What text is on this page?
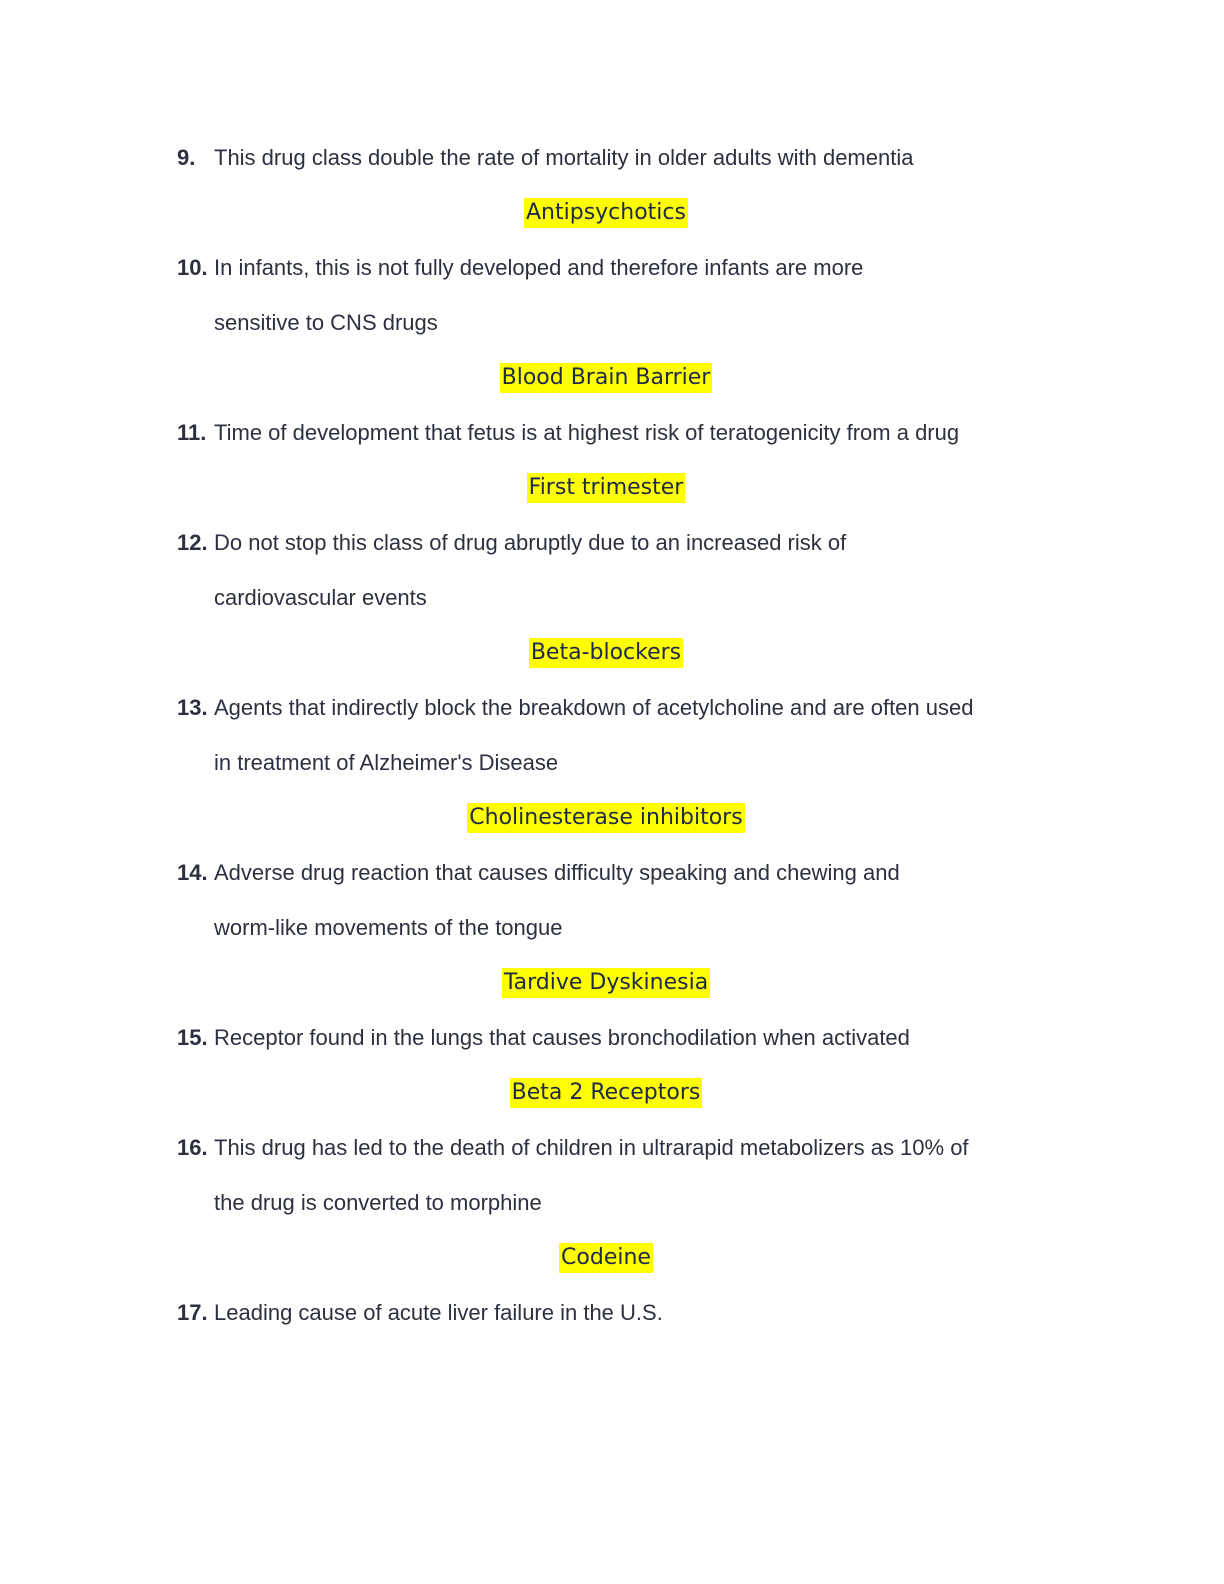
9. This drug class double the rate of mortality in older adults with dementia
Antipsychotics
10. In infants, this is not fully developed and therefore infants are more
sensitive to CNS drugs
Blood Brain Barrier
11. Time of development that fetus is at highest risk of teratogenicity from a drug
First trimester
12. Do not stop this class of drug abruptly due to an increased risk of
cardiovascular events
Beta-blockers
13. Agents that indirectly block the breakdown of acetylcholine and are often used
in treatment of Alzheimer's Disease
Cholinesterase inhibitors
14. Adverse drug reaction that causes difficulty speaking and chewing and
worm-like movements of the tongue
Tardive Dyskinesia
15. Receptor found in the lungs that causes bronchodilation when activated
Beta 2 Receptors
16. This drug has led to the death of children in ultrarapid metabolizers as 10% of
the drug is converted to morphine
Codeine
17. Leading cause of acute liver failure in the U.S.
